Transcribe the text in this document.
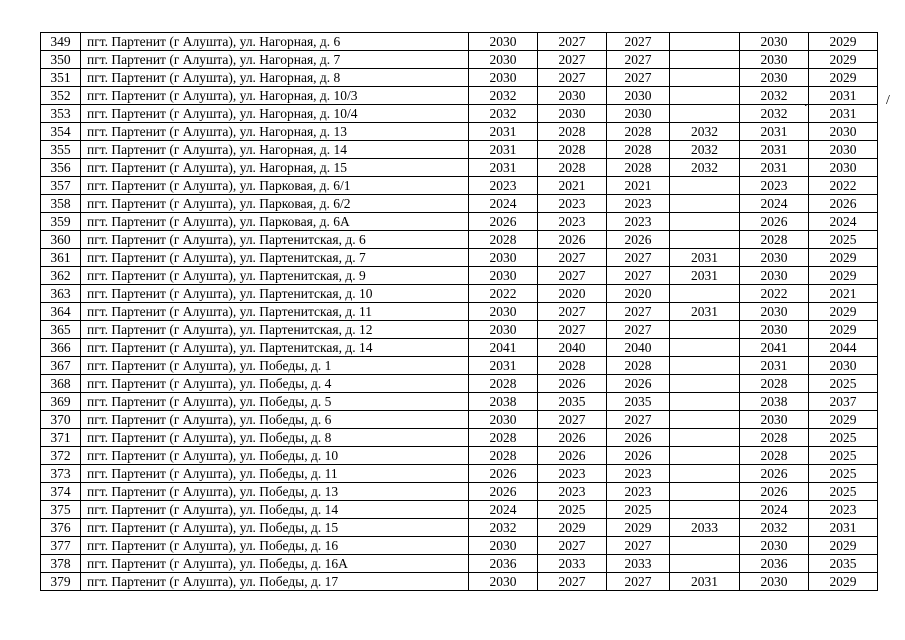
349	пгт. Партенит (г Алушта), ул. Нагорная, д. 6	2030	2027	2027		2030	2029
350	пгт. Партенит (г Алушта), ул. Нагорная, д. 7	2030	2027	2027		2030	2029
351	пгт. Партенит (г Алушта), ул. Нагорная, д. 8	2030	2027	2027		2030	2029
352	пгт. Партенит (г Алушта), ул. Нагорная, д. 10/3	2032	2030	2030		2032	2031
353	пгт. Партенит (г Алушта), ул. Нагорная, д. 10/4	2032	2030	2030		2032	2031
354	пгт. Партенит (г Алушта), ул. Нагорная, д. 13	2031	2028	2028	2032	2031	2030
355	пгт. Партенит (г Алушта), ул. Нагорная, д. 14	2031	2028	2028	2032	2031	2030
356	пгт. Партенит (г Алушта), ул. Нагорная, д. 15	2031	2028	2028	2032	2031	2030
357	пгт. Партенит (г Алушта), ул. Парковая, д. 6/1	2023	2021	2021		2023	2022
358	пгт. Партенит (г Алушта), ул. Парковая, д. 6/2	2024	2023	2023		2024	2026
359	пгт. Партенит (г Алушта), ул. Парковая, д. 6А	2026	2023	2023		2026	2024
360	пгт. Партенит (г Алушта), ул. Партенитская, д. 6	2028	2026	2026		2028	2025
361	пгт. Партенит (г Алушта), ул. Партенитская, д. 7	2030	2027	2027	2031	2030	2029
362	пгт. Партенит (г Алушта), ул. Партенитская, д. 9	2030	2027	2027	2031	2030	2029
363	пгт. Партенит (г Алушта), ул. Партенитская, д. 10	2022	2020	2020		2022	2021
364	пгт. Партенит (г Алушта), ул. Партенитская, д. 11	2030	2027	2027	2031	2030	2029
365	пгт. Партенит (г Алушта), ул. Партенитская, д. 12	2030	2027	2027		2030	2029
366	пгт. Партенит (г Алушта), ул. Партенитская, д. 14	2041	2040	2040		2041	2044
367	пгт. Партенит (г Алушта), ул. Победы, д. 1	2031	2028	2028		2031	2030
368	пгт. Партенит (г Алушта), ул. Победы, д. 4	2028	2026	2026		2028	2025
369	пгт. Партенит (г Алушта), ул. Победы, д. 5	2038	2035	2035		2038	2037
370	пгт. Партенит (г Алушта), ул. Победы, д. 6	2030	2027	2027		2030	2029
371	пгт. Партенит (г Алушта), ул. Победы, д. 8	2028	2026	2026		2028	2025
372	пгт. Партенит (г Алушта), ул. Победы, д. 10	2028	2026	2026		2028	2025
373	пгт. Партенит (г Алушта), ул. Победы, д. 11	2026	2023	2023		2026	2025
374	пгт. Партенит (г Алушта), ул. Победы, д. 13	2026	2023	2023		2026	2025
375	пгт. Партенит (г Алушта), ул. Победы, д. 14	2024	2025	2025		2024	2023
376	пгт. Партенит (г Алушта), ул. Победы, д. 15	2032	2029	2029	2033	2032	2031
377	пгт. Партенит (г Алушта), ул. Победы, д. 16	2030	2027	2027		2030	2029
378	пгт. Партенит (г Алушта), ул. Победы, д. 16А	2036	2033	2033		2036	2035
379	пгт. Партенит (г Алушта), ул. Победы, д. 17	2030	2027	2027	2031	2030	2029
/
.
